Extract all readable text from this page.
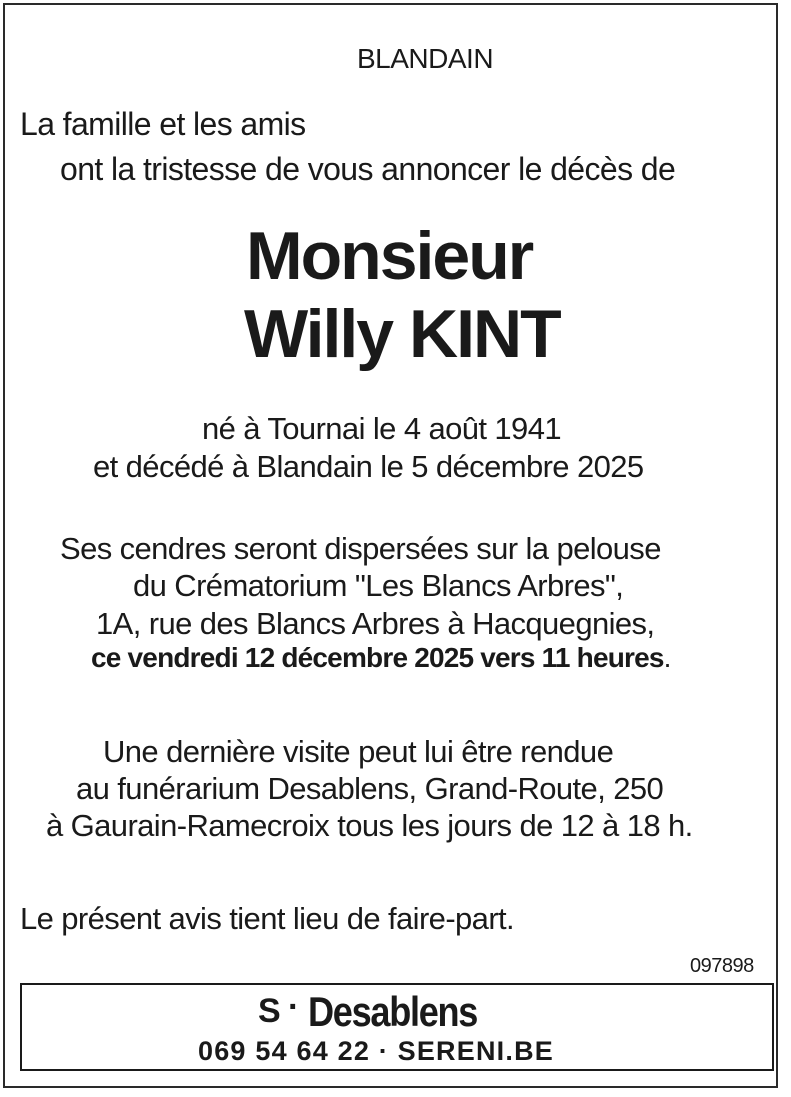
BLANDAIN
La famille et les amis
ont la tristesse de vous annoncer le décès de
Monsieur
Willy KINT
né à Tournai le 4 août 1941
et décédé à Blandain le 5 décembre 2025
Ses cendres seront dispersées sur la pelouse
du Crématorium "Les Blancs Arbres",
1A, rue des Blancs Arbres à Hacquegnies,
ce vendredi 12 décembre 2025 vers 11 heures.
Une dernière visite peut lui être rendue
au funérarium Desablens, Grand-Route, 250
à Gaurain-Ramecroix tous les jours de 12 à 18 h.
Le présent avis tient lieu de faire-part.
097898
S · Desablens
069 54 64 22 · SERENI.BE
